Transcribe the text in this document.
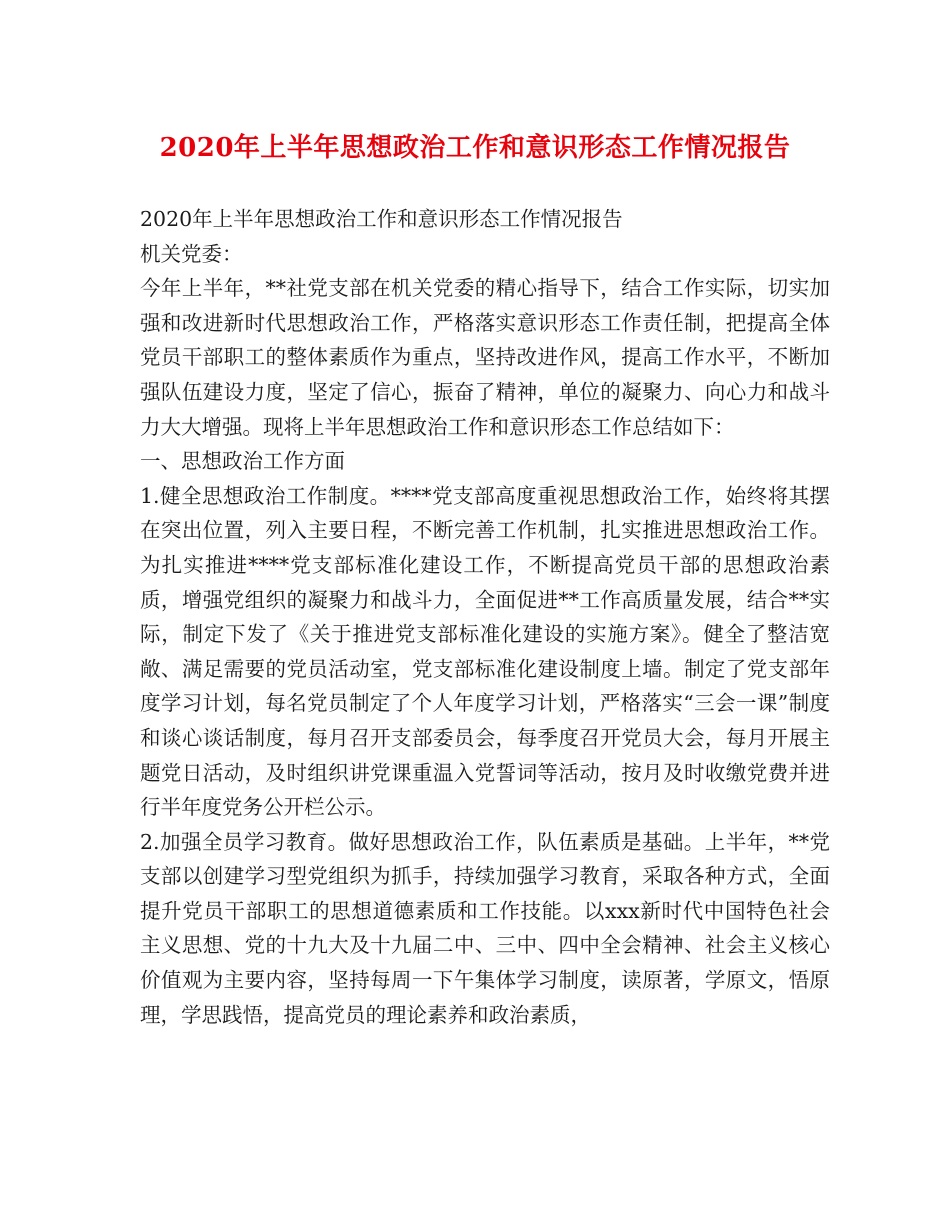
2020年上半年思想政治工作和意识形态工作情况报告

2020年上半年思想政治工作和意识形态工作情况报告

机关党委：

今年上半年，**社党支部在机关党委的精心指导下，结合工作实际，切实加强和改进新时代思想政治工作，严格落实意识形态工作责任制，把提高全体党员干部职工的整体素质作为重点，坚持改进作风，提高工作水平，不断加强队伍建设力度，坚定了信心，振奋了精神，单位的凝聚力、向心力和战斗力大大增强。现将上半年思想政治工作和意识形态工作总结如下：

一、思想政治工作方面

1.健全思想政治工作制度。****党支部高度重视思想政治工作，始终将其摆在突出位置，列入主要日程，不断完善工作机制，扎实推进思想政治工作。为扎实推进****党支部标准化建设工作，不断提高党员干部的思想政治素质，增强党组织的凝聚力和战斗力，全面促进**工作高质量发展，结合**实际，制定下发了《关于推进党支部标准化建设的实施方案》。健全了整洁宽敞、满足需要的党员活动室，党支部标准化建设制度上墙。制定了党支部年度学习计划，每名党员制定了个人年度学习计划，严格落实“三会一课”制度和谈心谈话制度，每月召开支部委员会，每季度召开党员大会，每月开展主题党日活动，及时组织讲党课重温入党誓词等活动，按月及时收缴党费并进行半年度党务公开栏公示。

2.加强全员学习教育。做好思想政治工作，队伍素质是基础。上半年，**党支部以创建学习型党组织为抓手，持续加强学习教育，采取各种方式，全面提升党员干部职工的思想道德素质和工作技能。以xxx新时代中国特色社会主义思想、党的十九大及十九届二中、三中、四中全会精神、社会主义核心价值观为主要内容，坚持每周一下午集体学习制度，读原著，学原文，悟原理，学思践悟，提高党员的理论素养和政治素质，
